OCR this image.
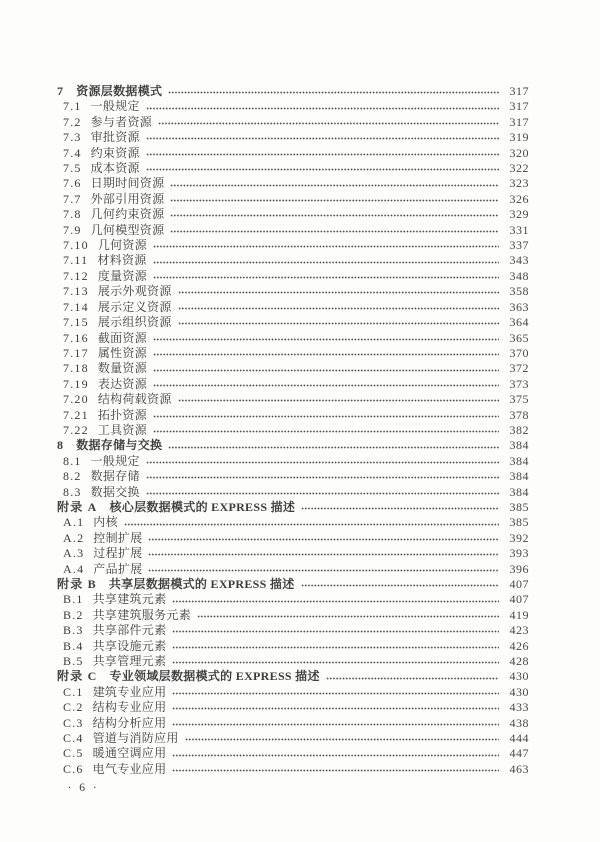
7 资源层数据模式	317
7.1 一般规定	317
7.2 参与者资源	317
7.3 审批资源	319
7.4 约束资源	320
7.5 成本资源	322
7.6 日期时间资源	323
7.7 外部引用资源	326
7.8 几何约束资源	329
7.9 几何模型资源	331
7.10 几何资源	337
7.11 材料资源	343
7.12 度量资源	348
7.13 展示外观资源	358
7.14 展示定义资源	363
7.15 展示组织资源	364
7.16 截面资源	365
7.17 属性资源	370
7.18 数量资源	372
7.19 表达资源	373
7.20 结构荷载资源	375
7.21 拓扑资源	378
7.22 工具资源	382
8 数据存储与交换	384
8.1 一般规定	384
8.2 数据存储	384
8.3 数据交换	384
附录 A 核心层数据模式的 EXPRESS 描述	385
A.1 内核	385
A.2 控制扩展	392
A.3 过程扩展	393
A.4 产品扩展	396
附录 B 共享层数据模式的 EXPRESS 描述	407
B.1 共享建筑元素	407
B.2 共享建筑服务元素	419
B.3 共享部件元素	423
B.4 共享设施元素	426
B.5 共享管理元素	428
附录 C 专业领域层数据模式的 EXPRESS 描述	430
C.1 建筑专业应用	430
C.2 结构专业应用	433
C.3 结构分析应用	438
C.4 管道与消防应用	444
C.5 暖通空调应用	447
C.6 电气专业应用	463
· 6 ·
